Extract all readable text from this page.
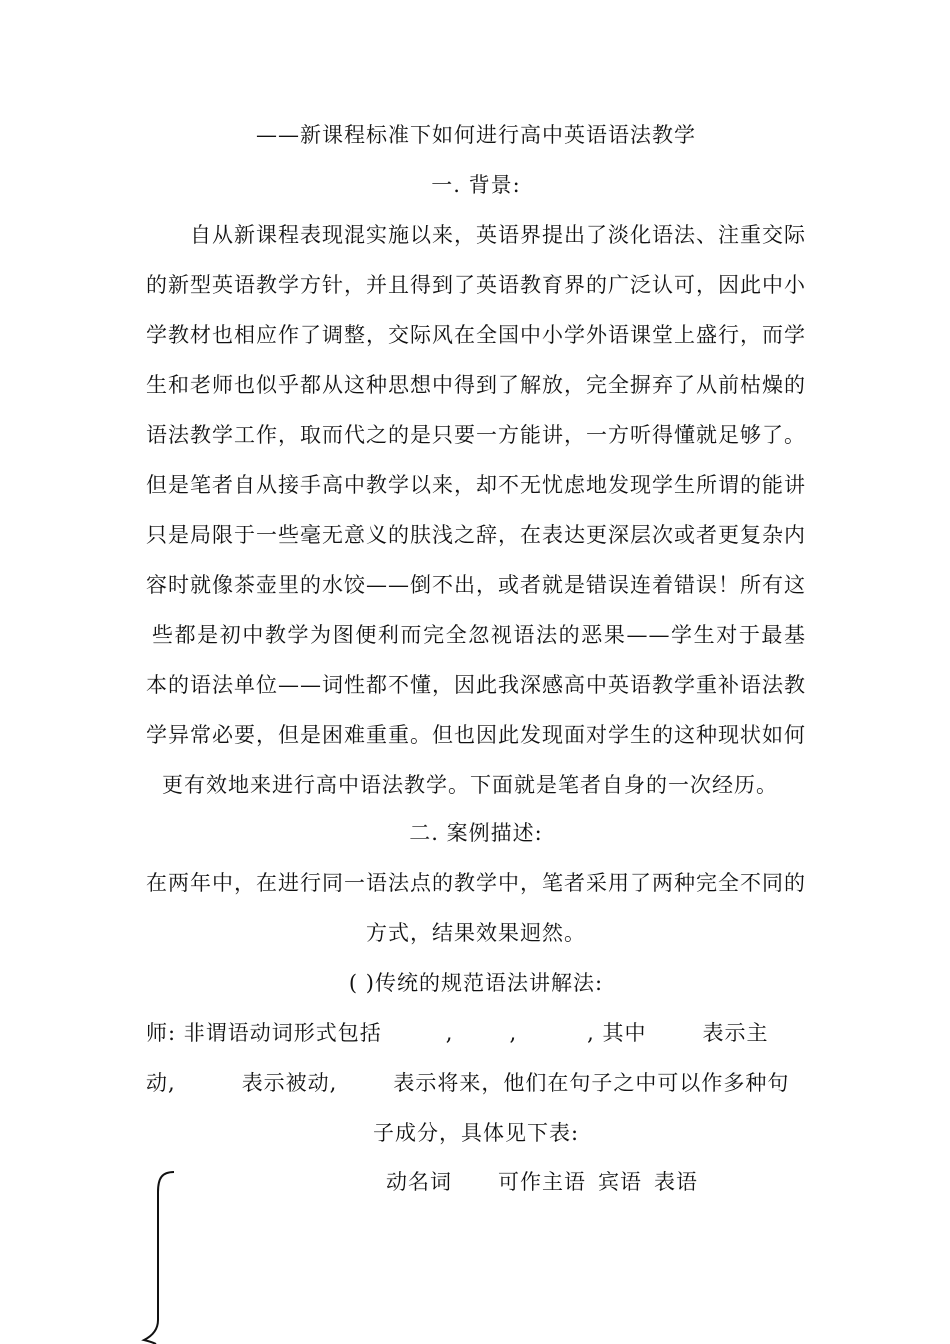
——新课程标准下如何进行高中英语语法教学
一. 背景:
自从新课程表现混实施以来，英语界提出了淡化语法、注重交际
的新型英语教学方针，并且得到了英语教育界的广泛认可，因此中小
学教材也相应作了调整，交际风在全国中小学外语课堂上盛行，而学
生和老师也似乎都从这种思想中得到了解放，完全摒弃了从前枯燥的
语法教学工作，取而代之的是只要一方能讲，一方听得懂就足够了。
但是笔者自从接手高中教学以来，却不无忧虑地发现学生所谓的能讲
只是局限于一些毫无意义的肤浅之辞，在表达更深层次或者更复杂内
容时就像茶壶里的水饺——倒不出，或者就是错误连着错误！所有这
些都是初中教学为图便利而完全忽视语法的恶果——学生对于最基
本的语法单位——词性都不懂，因此我深感高中英语教学重补语法教
学异常必要，但是困难重重。但也因此发现面对学生的这种现状如何
更有效地来进行高中语法教学。下面就是笔者自身的一次经历。
二. 案例描述:
在两年中，在进行同一语法点的教学中，笔者采用了两种完全不同的
方式，结果效果迥然。
( )传统的规范语法讲解法:
师: 非谓语动词形式包括	,	,	, 其中	表示主
动,	表示被动,	表示将来，他们在句子之中可以作多种句
子成分，具体见下表:
动名词 可作主语 宾语 表语
